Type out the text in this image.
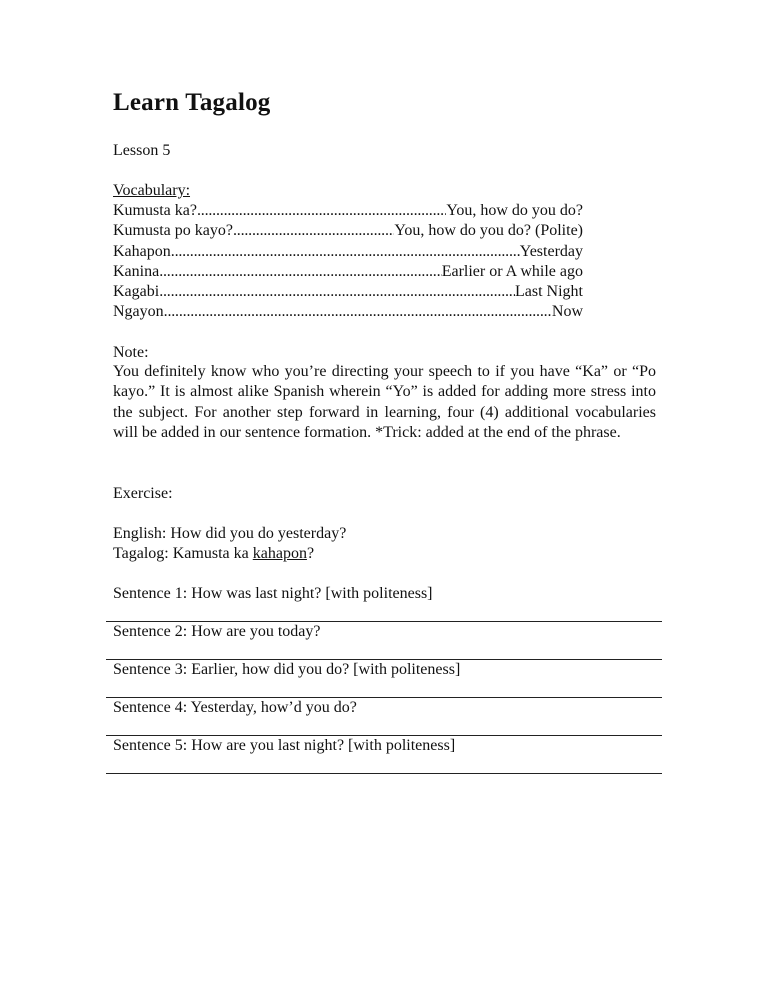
Learn Tagalog
Lesson 5
Vocabulary:
Kumusta ka? .....	You, how do you do?
Kumusta po kayo? .....	You, how do you do? (Polite)
Kahapon .....	Yesterday
Kanina .....	Earlier or A while ago
Kagabi .....	Last Night
Ngayon .....	Now
Note:
You definitely know who you’re directing your speech to if you have “Ka” or “Po kayo.” It is almost alike Spanish wherein “Yo” is added for adding more stress into the subject. For another step forward in learning, four (4) additional vocabularies will be added in our sentence formation. *Trick: added at the end of the phrase.
Exercise:
English: How did you do yesterday?
Tagalog: Kamusta ka kahapon?
Sentence 1: How was last night? [with politeness]
Sentence 2: How are you today?
Sentence 3: Earlier, how did you do? [with politeness]
Sentence 4: Yesterday, how’d you do?
Sentence 5: How are you last night? [with politeness]
